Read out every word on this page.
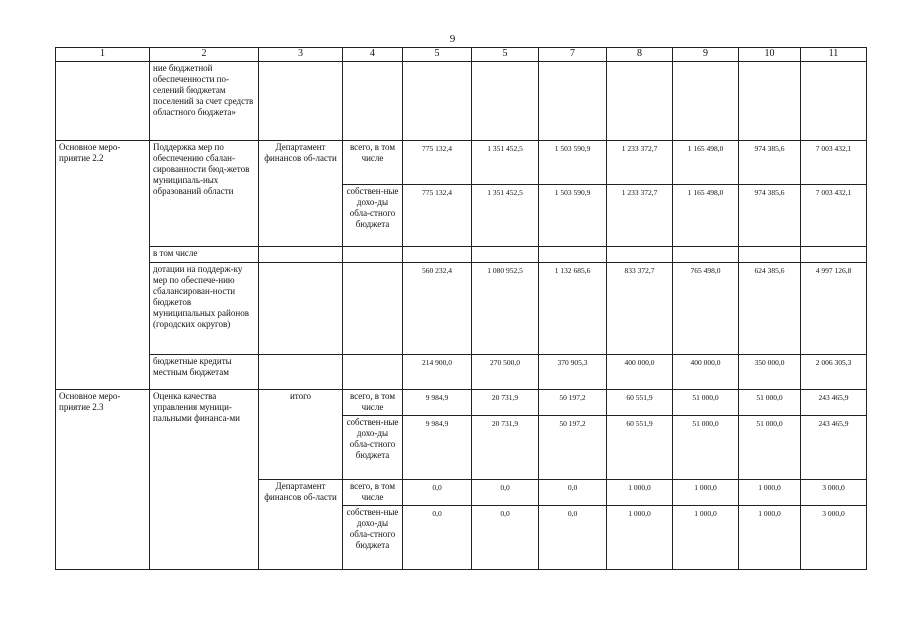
9
1	2	3	4	5	5	7	8	9	10	11
	ние бюджетной обеспеченности по-селений бюджетам поселений за счет средств областного бюджета»									
Основное меро-приятие 2.2	Поддержка мер по обеспечению сбалан-сированности бюд-жетов муниципаль-ных образований области	Департамент финансов об-ласти	всего, в том числе	775 132,4	1 351 452,5	1 503 590,9	1 233 372,7	1 165 498,0	974 385,6	7 003 432,1
			собствен-ные дохо-ды обла-стного бюджета	775 132,4	1 351 452,5	1 503 590,9	1 233 372,7	1 165 498,0	974 385,6	7 003 432,1
	в том числе									
	дотации на поддерж-ку мер по обеспече-нию сбалансирован-ности бюджетов муниципальных районов (городских округов)			560 232,4	1 080 952,5	1 132 685,6	833 372,7	765 498,0	624 385,6	4 997 126,8
	бюджетные кредиты местным бюджетам			214 900,0	270 500,0	370 905,3	400 000,0	400 000,0	350 000,0	2 006 305,3
Основное меро-приятие 2.3	Оценка качества управления муници-пальными финанса-ми	итого	всего, в том числе	9 984,9	20 731,9	50 197,2	60 551,9	51 000,0	51 000,0	243 465,9
			собствен-ные дохо-ды обла-стного бюджета	9 984,9	20 731,9	50 197,2	60 551,9	51 000,0	51 000,0	243 465,9
		Департамент финансов об-ласти	всего, в том числе	0,0	0,0	0,0	1 000,0	1 000,0	1 000,0	3 000,0
			собствен-ные дохо-ды обла-стного бюджета	0,0	0,0	0,0	1 000,0	1 000,0	1 000,0	3 000,0
